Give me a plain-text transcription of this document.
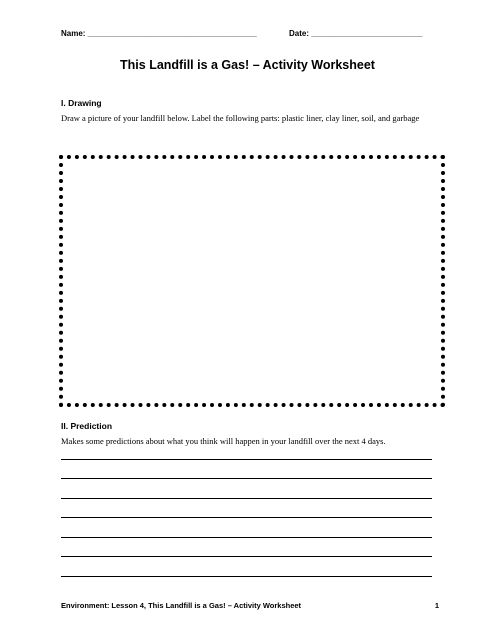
Name: ______________________________________	Date: _________________________
This Landfill is a Gas! – Activity Worksheet
I. Drawing
Draw a picture of your landfill below. Label the following parts: plastic liner, clay liner, soil, and garbage
II. Prediction
Makes some predictions about what you think will happen in your landfill over the next 4 days.
Environment: Lesson 4, This Landfill is a Gas! – Activity Worksheet	1
